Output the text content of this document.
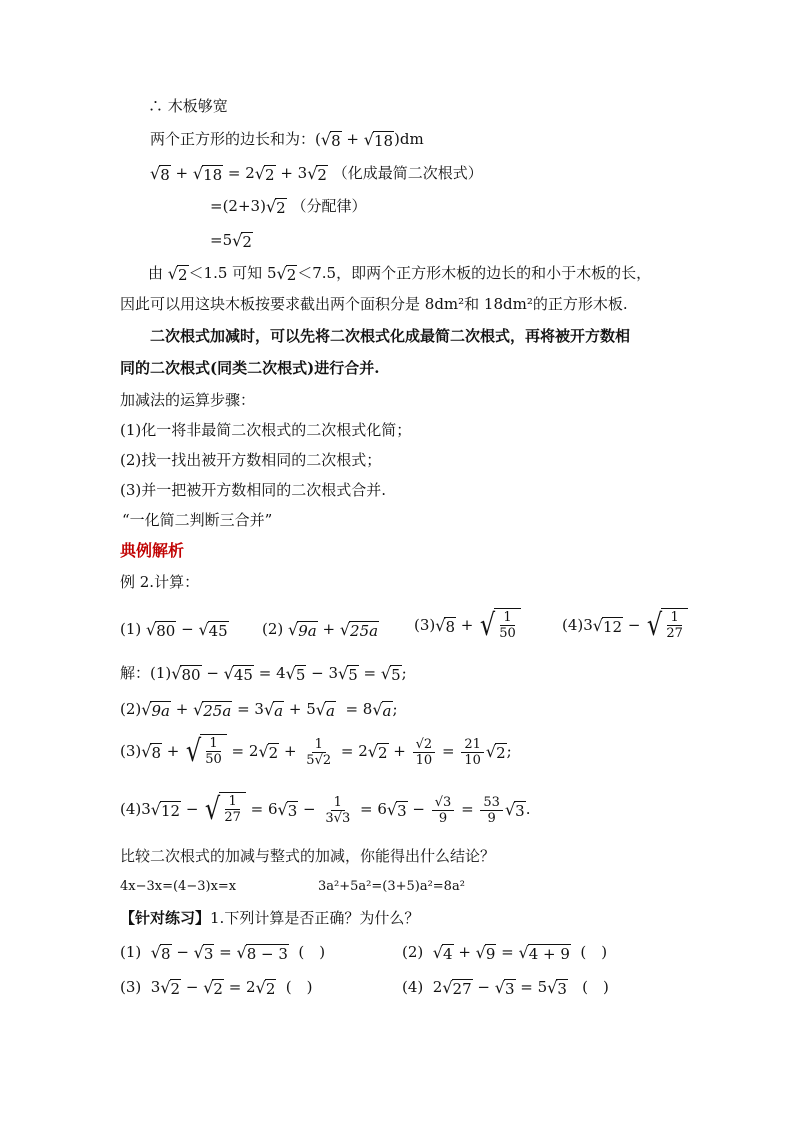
∴ 木板够宽
两个正方形的边长和为：( √ 8 + √ 18 )dm
√ 8 + √ 18 = 2 √ 2 + 3 √ 2 （化成最简二次根式）
=(2+3) √ 2 （分配律）
=5 √ 2
由 √ 2 ＜1.5 可知 5 √ 2 ＜7.5，即两个正方形木板的边长的和小于木板的长，
因此可以用这块木板按要求截出两个面积分是 8dm²和 18dm²的正方形木板.
二次根式加减时，可以先将二次根式化成最简二次根式，再将被开方数相
同的二次根式(同类二次根式)进行合并.
加减法的运算步骤：
(1)化一将非最简二次根式的二次根式化简；
(2)找一找出被开方数相同的二次根式；
(3)并一把被开方数相同的二次根式合并.
“一化简二判断三合并”
典例解析
例 2.计算：
(1) √ 80 − √ 45 (2) √ 9a + √ 25a (3) √ 8 + √ $\frac{1}{50}$	(4)3 √ 12 − √ $\frac{1}{27}$
解：(1) √ 80 − √ 45 = 4 √ 5 − 3 √ 5 = √ 5 ;
(2) √ 9a + √ 25a = 3 √ a + 5 √ a = 8 √ a ;
(3) √ 8 + √ $\frac{1}{50} = 2$ √ $2 + \frac{1}{5√2} = 2$ √ $2 + \frac{√2}{10} = \frac{21}{10}$ √ 2 ;
(4)3 √ 12 − √ $\frac{1}{27} = 6$ √ $3 - \frac{1}{3√3} = 6$ √ $3 - \frac{√3}{9} = \frac{53}{9}$ √ 3 .
比较二次根式的加减与整式的加减，你能得出什么结论？
4x−3x=(4−3)x=x	3a²+5a²=(3+5)a²=8a²
【针对练习】1.下列计算是否正确？为什么？
(1) √ 8 − √ 3 = √ 8 − 3 (　)	(2) √ 4 + √ 9 = √ 4 + 9 (　)
(3)  3 √ 2 − √ 2 = 2 √ 2 (　)	(4)  2 √ 27 − √ 3 = 5 √ 3 (　)
